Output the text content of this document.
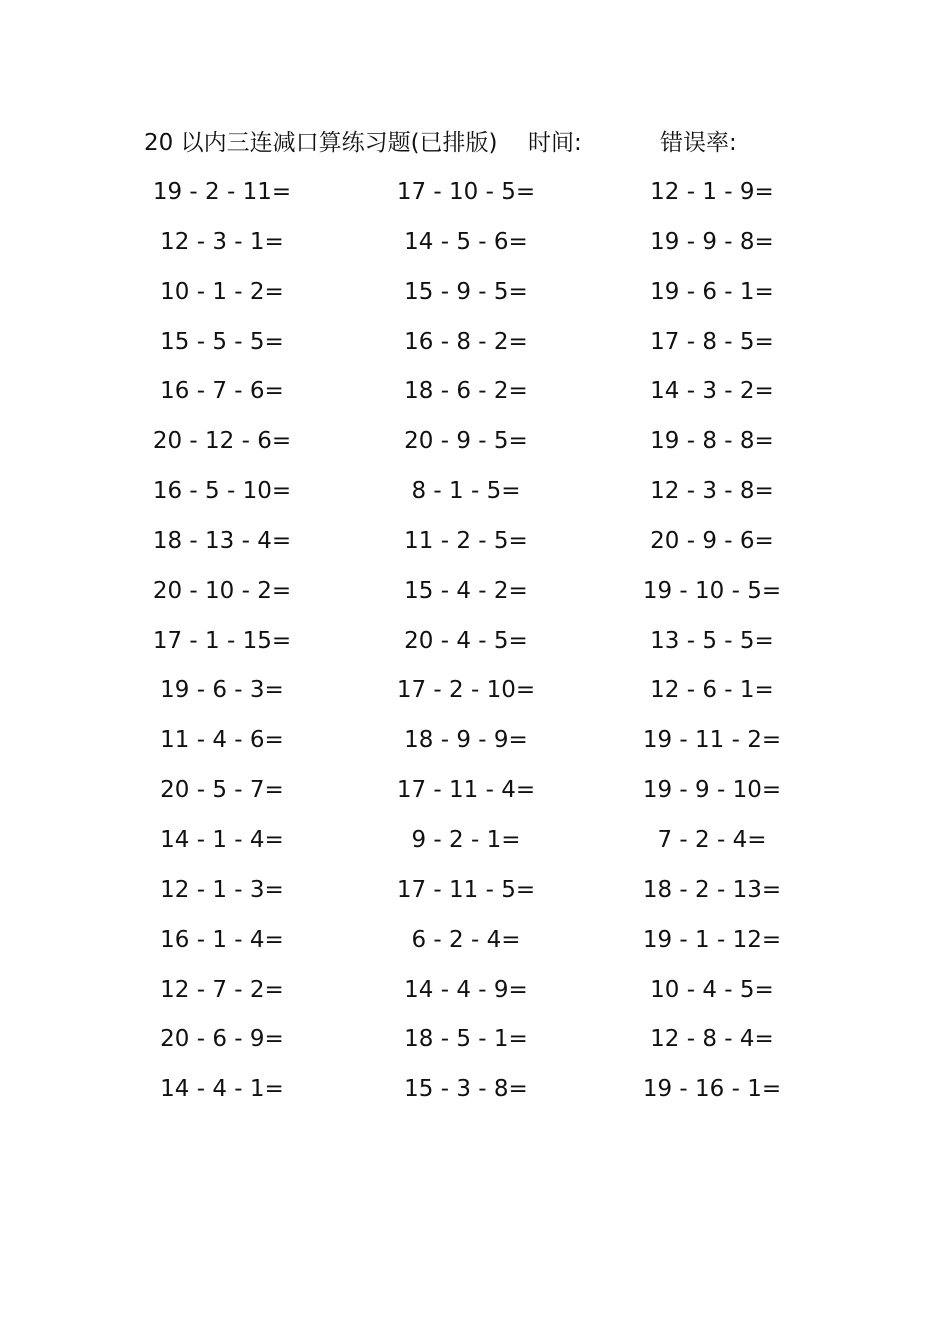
20 以内三连减口算练习题(已排版) 时间:	错误率:
19 - 2 - 11=	17 - 10 - 5=	12 - 1 - 9=
12 - 3 - 1=	14 - 5 - 6=	19 - 9 - 8=
10 - 1 - 2=	15 - 9 - 5=	19 - 6 - 1=
15 - 5 - 5=	16 - 8 - 2=	17 - 8 - 5=
16 - 7 - 6=	18 - 6 - 2=	14 - 3 - 2=
20 - 12 - 6=	20 - 9 - 5=	19 - 8 - 8=
16 - 5 - 10=	8 - 1 - 5=	12 - 3 - 8=
18 - 13 - 4=	11 - 2 - 5=	20 - 9 - 6=
20 - 10 - 2=	15 - 4 - 2=	19 - 10 - 5=
17 - 1 - 15=	20 - 4 - 5=	13 - 5 - 5=
19 - 6 - 3=	17 - 2 - 10=	12 - 6 - 1=
11 - 4 - 6=	18 - 9 - 9=	19 - 11 - 2=
20 - 5 - 7=	17 - 11 - 4=	19 - 9 - 10=
14 - 1 - 4=	9 - 2 - 1=	7 - 2 - 4=
12 - 1 - 3=	17 - 11 - 5=	18 - 2 - 13=
16 - 1 - 4=	6 - 2 - 4=	19 - 1 - 12=
12 - 7 - 2=	14 - 4 - 9=	10 - 4 - 5=
20 - 6 - 9=	18 - 5 - 1=	12 - 8 - 4=
14 - 4 - 1=	15 - 3 - 8=	19 - 16 - 1=
